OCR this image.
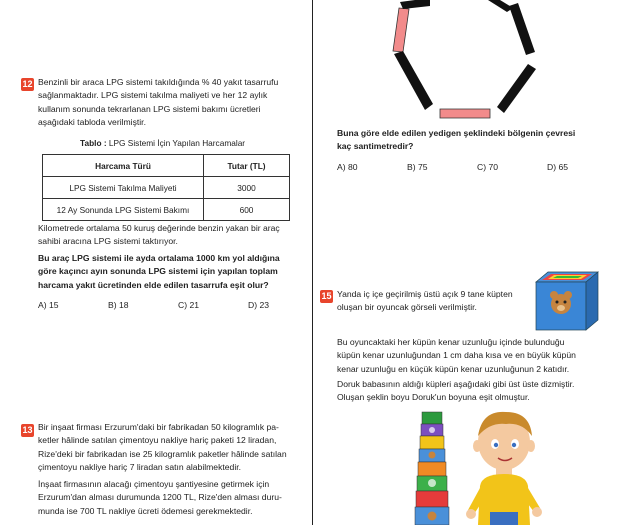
12 Benzinli bir araca LPG sistemi takıldığında % 40 yakıt tasarrufu

sağlanmaktadır. LPG sistemi takılma maliyeti ve her 12 aylık

kullanım sonunda tekrarlanan LPG sistemi bakımı ücretleri

aşağıdaki tabloda verilmiştir.

Tablo : LPG Sistemi İçin Yapılan Harcamalar
Harcama Türü	Tutar (TL)
LPG Sistemi Takılma Maliyeti	3000
12 Ay Sonunda LPG Sistemi Bakımı	600

Kilometrede ortalama 50 kuruş değerinde benzin yakan bir araç

sahibi aracına LPG sistemi taktırıyor.

Bu araç LPG sistemi ile ayda ortalama 1000 km yol aldığına

göre kaçıncı ayın sonunda LPG sistemi için yapılan toplam

harcama yakıt ücretinden elde edilen tasarrufa eşit olur?

A) 15	B) 18	C) 21	D) 23
13 Bir inşaat firması Erzurum'daki bir fabrikadan 50 kilogramlık pa-

ketler hâlinde satılan çimentoyu nakliye hariç paketi 12 liradan,

Rize'deki bir fabrikadan ise 25 kilogramlık paketler hâlinde satılan

çimentoyu nakliye hariç 7 liradan satın alabilmektedir.

İnşaat firmasının alacağı çimentoyu şantiyesine getirmek için

Erzurum'dan alması durumunda 1200 TL, Rize'den alması duru-

munda ise 700 TL nakliye ücreti ödemesi gerekmektedir.

Buna göre elde edilen yedigen şeklindeki bölgenin çevresi

kaç santimetredir?

A) 80	B) 75	C) 70	D) 65
15 Yanda iç içe geçirilmiş üstü açık 9 tane küpten

oluşan bir oyuncak görseli verilmiştir.

Bu oyuncaktaki her küpün kenar uzunluğu içinde bulunduğu

küpün kenar uzunluğundan 1 cm daha kısa ve en büyük küpün

kenar uzunluğu en küçük küpün kenar uzunluğunun 2 katıdır.

Doruk babasının aldığı küpleri aşağıdaki gibi üst üste dizmiştir.

Oluşan şeklin boyu Doruk'un boyuna eşit olmuştur.
